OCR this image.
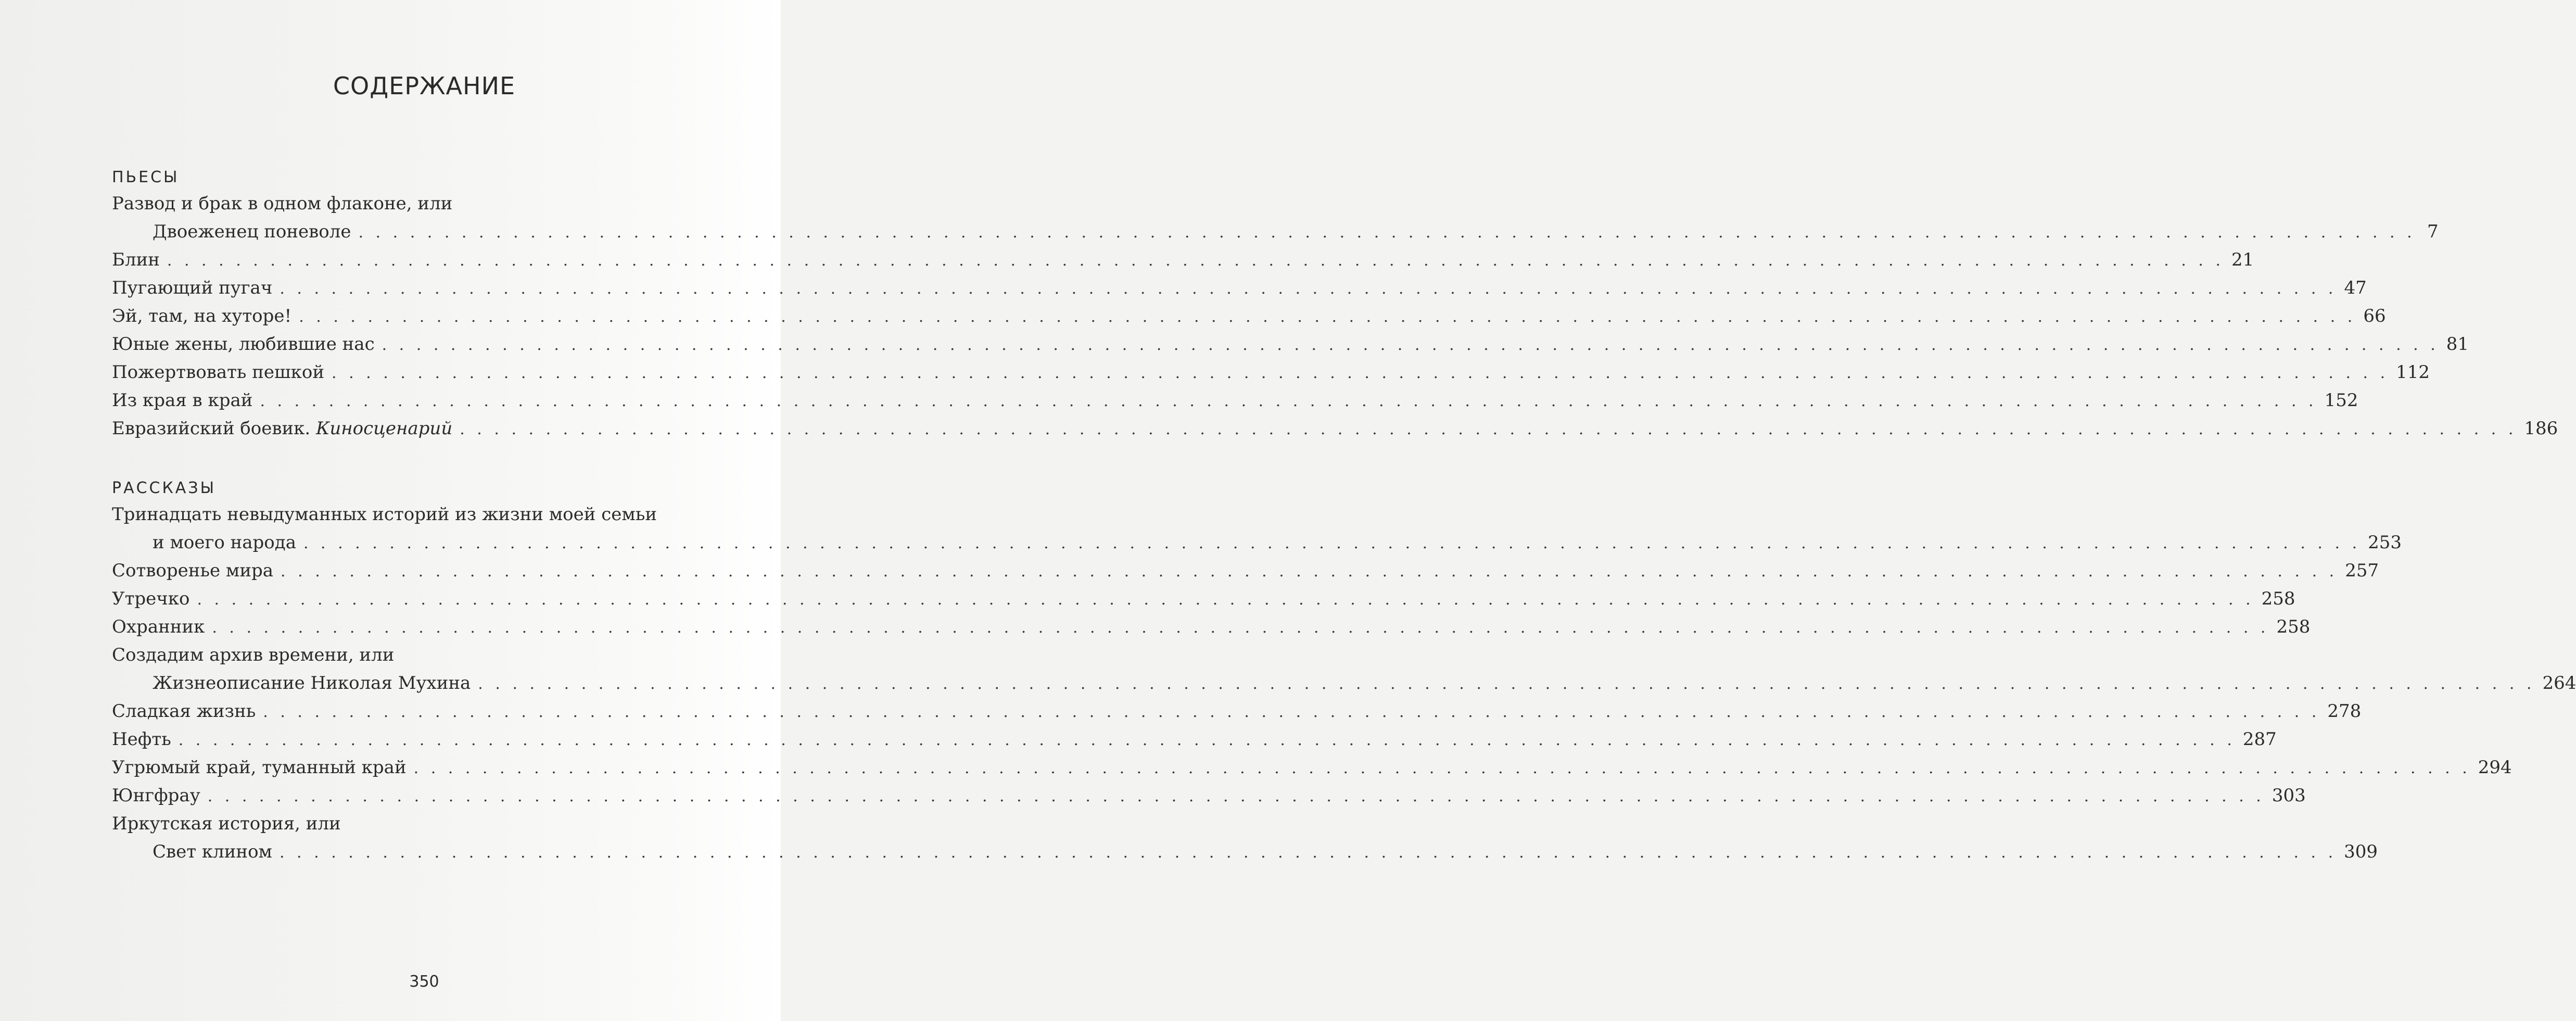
СОДЕРЖАНИЕ
ПЬЕСЫ
Развод и брак в одном флаконе, или
Двоеженец поневоле . . . . . . . . . . . . . . . . . . . . . . . . . . . . . . . . . . . . . . . . . . . . . . . . . . . . . . . . . . . . . . . . . . . . . . . . . . . . . . . . . . . . . . . . . . . . . . . . . . . . . . . . . . . . . . . . . . . . . . . . 7
Блин . . . . . . . . . . . . . . . . . . . . . . . . . . . . . . . . . . . . . . . . . . . . . . . . . . . . . . . . . . . . . . . . . . . . . . . . . . . . . . . . . . . . . . . . . . . . . . . . . . . . . . . . . . . . . . . . . . . . . . . . 21
Пугающий пугач . . . . . . . . . . . . . . . . . . . . . . . . . . . . . . . . . . . . . . . . . . . . . . . . . . . . . . . . . . . . . . . . . . . . . . . . . . . . . . . . . . . . . . . . . . . . . . . . . . . . . . . . . . . . . . . . . . . . . . . . 47
Эй, там, на хуторе! . . . . . . . . . . . . . . . . . . . . . . . . . . . . . . . . . . . . . . . . . . . . . . . . . . . . . . . . . . . . . . . . . . . . . . . . . . . . . . . . . . . . . . . . . . . . . . . . . . . . . . . . . . . . . . . . . . . . . . . . 66
Юные жены, любившие нас . . . . . . . . . . . . . . . . . . . . . . . . . . . . . . . . . . . . . . . . . . . . . . . . . . . . . . . . . . . . . . . . . . . . . . . . . . . . . . . . . . . . . . . . . . . . . . . . . . . . . . . . . . . . . . . . . . . . . . . . 81
Пожертвовать пешкой . . . . . . . . . . . . . . . . . . . . . . . . . . . . . . . . . . . . . . . . . . . . . . . . . . . . . . . . . . . . . . . . . . . . . . . . . . . . . . . . . . . . . . . . . . . . . . . . . . . . . . . . . . . . . . . . . . . . . . . . 112
Из края в край . . . . . . . . . . . . . . . . . . . . . . . . . . . . . . . . . . . . . . . . . . . . . . . . . . . . . . . . . . . . . . . . . . . . . . . . . . . . . . . . . . . . . . . . . . . . . . . . . . . . . . . . . . . . . . . . . . . . . . . . 152
Евразийский боевик.
Киносценарий . . . . . . . . . . . . . . . . . . . . . . . . . . . . . . . . . . . . . . . . . . . . . . . . . . . . . . . . . . . . . . . . . . . . . . . . . . . . . . . . . . . . . . . . . . . . . . . . . . . . . . . . . . . . . . . . . . . . . . . . 186
РАССКАЗЫ
Тринадцать невыдуманных историй из жизни моей семьи
и моего народа . . . . . . . . . . . . . . . . . . . . . . . . . . . . . . . . . . . . . . . . . . . . . . . . . . . . . . . . . . . . . . . . . . . . . . . . . . . . . . . . . . . . . . . . . . . . . . . . . . . . . . . . . . . . . . . . . . . . . . . . 253
Сотворенье мира . . . . . . . . . . . . . . . . . . . . . . . . . . . . . . . . . . . . . . . . . . . . . . . . . . . . . . . . . . . . . . . . . . . . . . . . . . . . . . . . . . . . . . . . . . . . . . . . . . . . . . . . . . . . . . . . . . . . . . . . 257
Утречко . . . . . . . . . . . . . . . . . . . . . . . . . . . . . . . . . . . . . . . . . . . . . . . . . . . . . . . . . . . . . . . . . . . . . . . . . . . . . . . . . . . . . . . . . . . . . . . . . . . . . . . . . . . . . . . . . . . . . . . . 258
Охранник . . . . . . . . . . . . . . . . . . . . . . . . . . . . . . . . . . . . . . . . . . . . . . . . . . . . . . . . . . . . . . . . . . . . . . . . . . . . . . . . . . . . . . . . . . . . . . . . . . . . . . . . . . . . . . . . . . . . . . . . 258
Создадим архив времени, или
Жизнеописание Николая Мухина . . . . . . . . . . . . . . . . . . . . . . . . . . . . . . . . . . . . . . . . . . . . . . . . . . . . . . . . . . . . . . . . . . . . . . . . . . . . . . . . . . . . . . . . . . . . . . . . . . . . . . . . . . . . . . . . . . . . . . . . 264
Сладкая жизнь . . . . . . . . . . . . . . . . . . . . . . . . . . . . . . . . . . . . . . . . . . . . . . . . . . . . . . . . . . . . . . . . . . . . . . . . . . . . . . . . . . . . . . . . . . . . . . . . . . . . . . . . . . . . . . . . . . . . . . . . 278
Нефть . . . . . . . . . . . . . . . . . . . . . . . . . . . . . . . . . . . . . . . . . . . . . . . . . . . . . . . . . . . . . . . . . . . . . . . . . . . . . . . . . . . . . . . . . . . . . . . . . . . . . . . . . . . . . . . . . . . . . . . . 287
Угрюмый край, туманный край . . . . . . . . . . . . . . . . . . . . . . . . . . . . . . . . . . . . . . . . . . . . . . . . . . . . . . . . . . . . . . . . . . . . . . . . . . . . . . . . . . . . . . . . . . . . . . . . . . . . . . . . . . . . . . . . . . . . . . . . 294
Юнгфрау . . . . . . . . . . . . . . . . . . . . . . . . . . . . . . . . . . . . . . . . . . . . . . . . . . . . . . . . . . . . . . . . . . . . . . . . . . . . . . . . . . . . . . . . . . . . . . . . . . . . . . . . . . . . . . . . . . . . . . . . 303
Иркутская история, или
Свет клином . . . . . . . . . . . . . . . . . . . . . . . . . . . . . . . . . . . . . . . . . . . . . . . . . . . . . . . . . . . . . . . . . . . . . . . . . . . . . . . . . . . . . . . . . . . . . . . . . . . . . . . . . . . . . . . . . . . . . . . . 309
350
